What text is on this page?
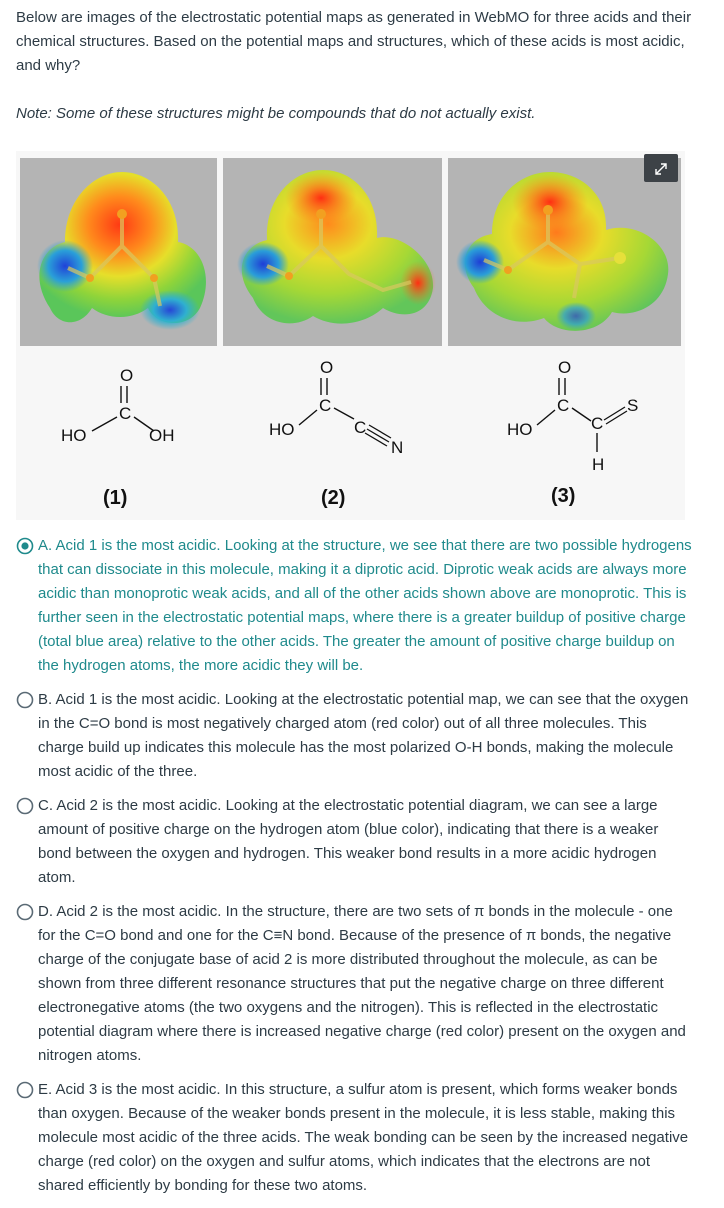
Below are images of the electrostatic potential maps as generated in WebMO for three acids and their chemical structures. Based on the potential maps and structures, which of these acids is most acidic, and why?

Note: Some of these structures might be compounds that do not actually exist.

O
C
HO	OH
(1)
O
C
HO	C
N
(2)
O
C
HO	C
S
H
(3)

A. Acid 1 is the most acidic. Looking at the structure, we see that there are two possible hydrogens that can dissociate in this molecule, making it a diprotic acid. Diprotic weak acids are always more acidic than monoprotic weak acids, and all of the other acids shown above are monoprotic. This is further seen in the electrostatic potential maps, where there is a greater buildup of positive charge (total blue area) relative to the other acids. The greater the amount of positive charge buildup on the hydrogen atoms, the more acidic they will be.

B. Acid 1 is the most acidic. Looking at the electrostatic potential map, we can see that the oxygen in the C=O bond is most negatively charged atom (red color) out of all three molecules. This charge build up indicates this molecule has the most polarized O-H bonds, making the molecule most acidic of the three.

C. Acid 2 is the most acidic. Looking at the electrostatic potential diagram, we can see a large amount of positive charge on the hydrogen atom (blue color), indicating that there is a weaker bond between the oxygen and hydrogen. This weaker bond results in a more acidic hydrogen atom.

D. Acid 2 is the most acidic. In the structure, there are two sets of π bonds in the molecule - one for the C=O bond and one for the C≡N bond. Because of the presence of π bonds, the negative charge of the conjugate base of acid 2 is more distributed throughout the molecule, as can be shown from three different resonance structures that put the negative charge on three different electronegative atoms (the two oxygens and the nitrogen). This is reflected in the electrostatic potential diagram where there is increased negative charge (red color) present on the oxygen and nitrogen atoms.

E. Acid 3 is the most acidic. In this structure, a sulfur atom is present, which forms weaker bonds than oxygen. Because of the weaker bonds present in the molecule, it is less stable, making this molecule most acidic of the three acids. The weak bonding can be seen by the increased negative charge (red color) on the oxygen and sulfur atoms, which indicates that the electrons are not shared efficiently by bonding for these two atoms.
